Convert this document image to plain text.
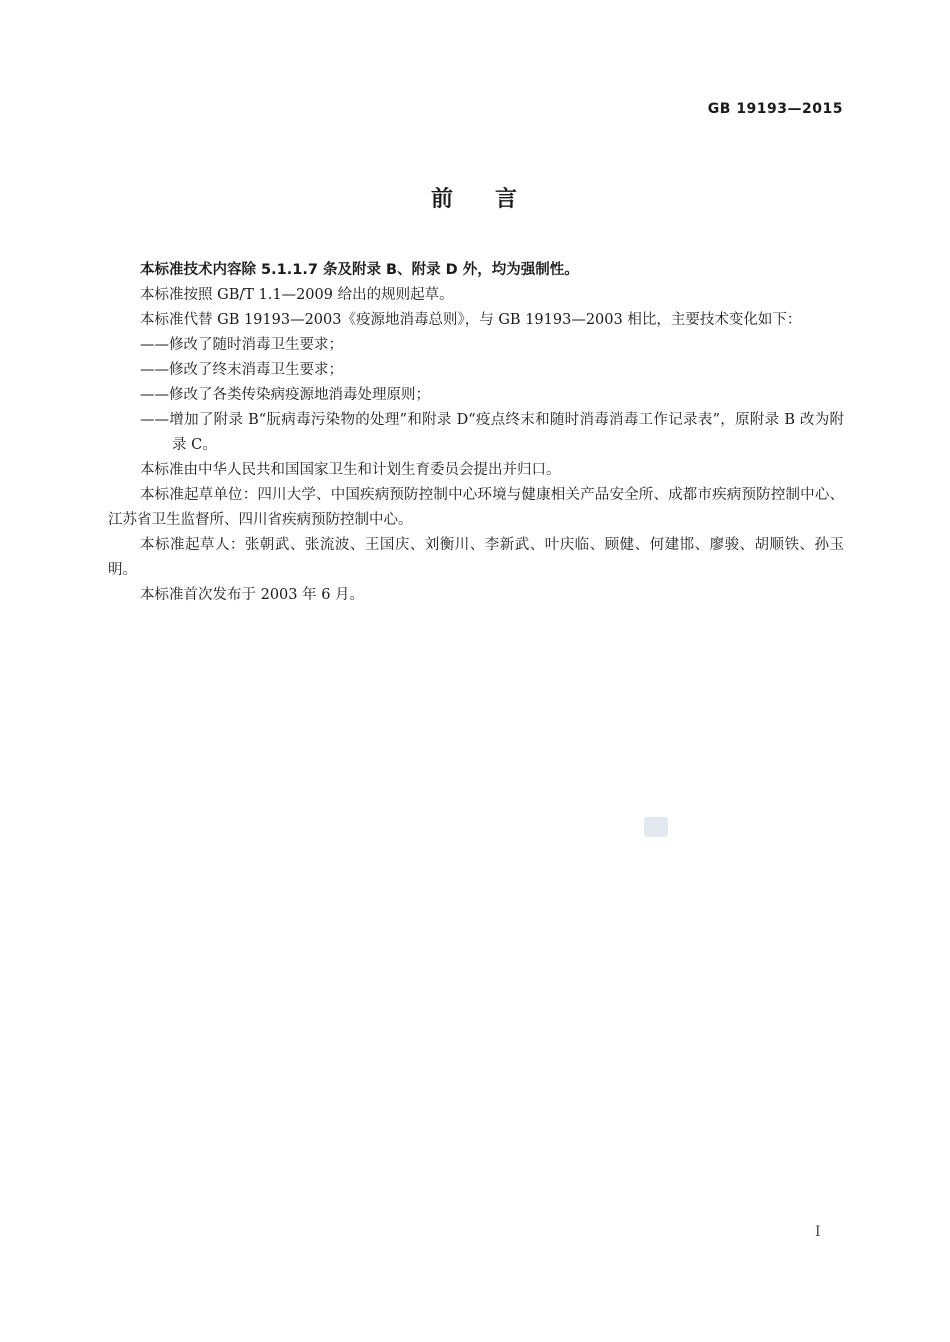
GB 19193—2015
前 言

本标准技术内容除 5.1.1.7 条及附录 B、附录 D 外，均为强制性。

本标准按照 GB/T 1.1—2009 给出的规则起草。

本标准代替 GB 19193—2003《疫源地消毒总则》，与 GB 19193—2003 相比，主要技术变化如下：

——修改了随时消毒卫生要求；

——修改了终末消毒卫生要求；

——修改了各类传染病疫源地消毒处理原则；

——增加了附录 B“朊病毒污染物的处理”和附录 D“疫点终末和随时消毒消毒工作记录表”，原附录 B 改为附录 C。

本标准由中华人民共和国国家卫生和计划生育委员会提出并归口。

本标准起草单位：四川大学、中国疾病预防控制中心环境与健康相关产品安全所、成都市疾病预防控制中心、江苏省卫生监督所、四川省疾病预防控制中心。

本标准起草人：张朝武、张流波、王国庆、刘衡川、李新武、叶庆临、顾健、何建邯、廖骏、胡顺铁、孙玉明。

本标准首次发布于 2003 年 6 月。

I
